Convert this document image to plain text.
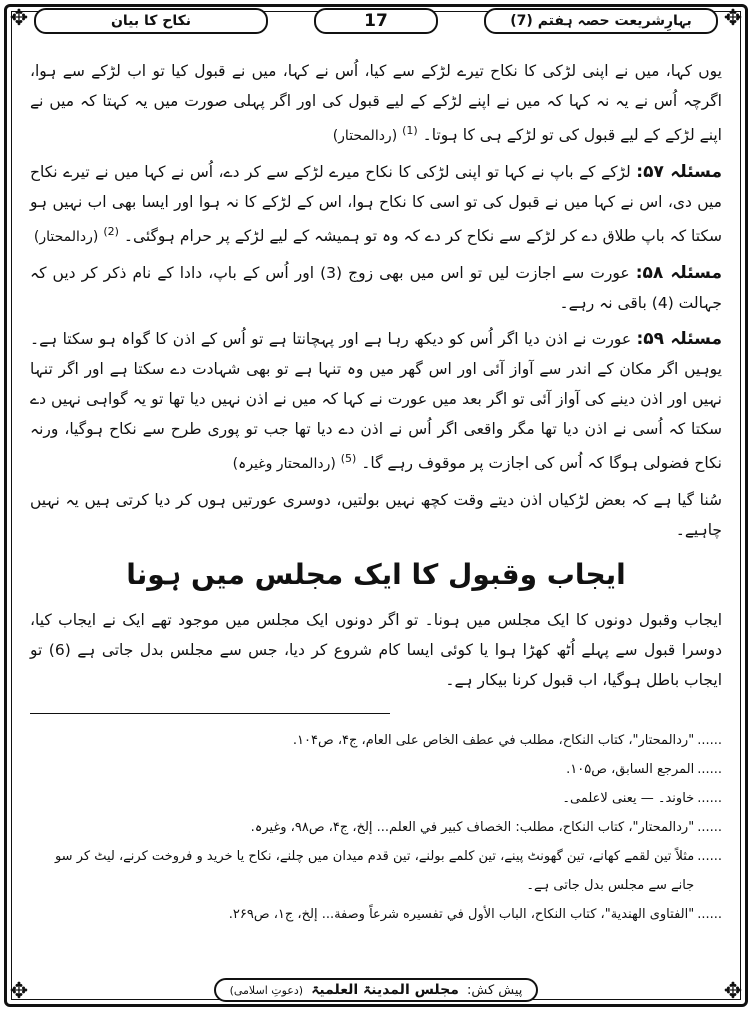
✥	✥
✥	✥
بہارِشریعت حصہ ہفتم (7)
17
نکاح کا بیان

یوں کہا، میں نے اپنی لڑکی کا نکاح تیرے لڑکے سے کیا، اُس نے کہا، میں نے قبول کیا تو اب لڑکے سے ہوا، اگرچہ اُس نے یہ نہ کہا کہ میں نے اپنے لڑکے کے لیے قبول کی اور اگر پہلی صورت میں یہ کہتا کہ میں نے اپنے لڑکے کے لیے قبول کی تو لڑکے ہی کا ہوتا۔ $^{(1)}$ (ردالمحتار)

مسئلہ ۵۷: لڑکے کے باپ نے کہا تو اپنی لڑکی کا نکاح میرے لڑکے سے کر دے، اُس نے کہا میں نے تیرے نکاح میں دی، اس نے کہا میں نے قبول کی تو اسی کا نکاح ہوا، اس کے لڑکے کا نہ ہوا اور ایسا بھی اب نہیں ہو سکتا کہ باپ طلاق دے کر لڑکے سے نکاح کر دے کہ وہ تو ہمیشہ کے لیے لڑکے پر حرام ہوگئی۔ $^{(2)}$ (ردالمحتار)

مسئلہ ۵۸: عورت سے اجازت لیں تو اس میں بھی زوج (3) اور اُس کے باپ، دادا کے نام ذکر کر دیں کہ جہالت (4) باقی نہ رہے۔

مسئلہ ۵۹: عورت نے اذن دیا اگر اُس کو دیکھ رہا ہے اور پہچانتا ہے تو اُس کے اذن کا گواہ ہو سکتا ہے۔ یوہیں اگر مکان کے اندر سے آواز آئی اور اس گھر میں وہ تنہا ہے تو بھی شہادت دے سکتا ہے اور اگر تنہا نہیں اور اذن دینے کی آواز آئی تو اگر بعد میں عورت نے کہا کہ میں نے اذن نہیں دیا تھا تو یہ گواہی نہیں دے سکتا کہ اُسی نے اذن دیا تھا مگر واقعی اگر اُس نے اذن دے دیا تھا جب تو پوری طرح سے نکاح ہوگیا، ورنہ نکاح فضولی ہوگا کہ اُس کی اجازت پر موقوف رہے گا۔ $^{(5)}$ (ردالمحتار وغیرہ)

سُنا گیا ہے کہ بعض لڑکیاں اذن دیتے وقت کچھ نہیں بولتیں، دوسری عورتیں ہوں کر دیا کرتی ہیں یہ نہیں چاہیے۔

ایجاب وقبول کا ایک مجلس میں ہونا

ایجاب وقبول دونوں کا ایک مجلس میں ہونا۔ تو اگر دونوں ایک مجلس میں موجود تھے ایک نے ایجاب کیا، دوسرا قبول سے پہلے اُٹھ کھڑا ہوا یا کوئی ایسا کام شروع کر دیا، جس سے مجلس بدل جاتی ہے (6) تو ایجاب باطل ہوگیا، اب قبول کرنا بیکار ہے۔

......
"ردالمحتار"، کتاب النکاح، مطلب في عطف الخاص علی العام، ج۴، ص۱۰۴.
......
المرجع السابق، ص۱۰۵.
......
خاوند۔ — یعنی لاعلمی۔
......
"ردالمحتار"، کتاب النکاح، مطلب: الخصاف کبیر في العلم... إلخ، ج۴، ص۹۸، وغیرہ.
......
مثلاً تین لقمے کھانے، تین گھونٹ پینے، تین کلمے بولنے، تین قدم میدان میں چلنے، نکاح یا خرید و فروخت کرنے، لیٹ کر سو جانے سے مجلس بدل جاتی ہے۔
......
"الفتاوی الهندية"، کتاب النکاح، الباب الأول في تفسيره شرعاً وصفة... إلخ، ج۱، ص۲۶۹.
پیش کش: مجلس المدینۃ العلمیۃ (دعوتِ اسلامی)
